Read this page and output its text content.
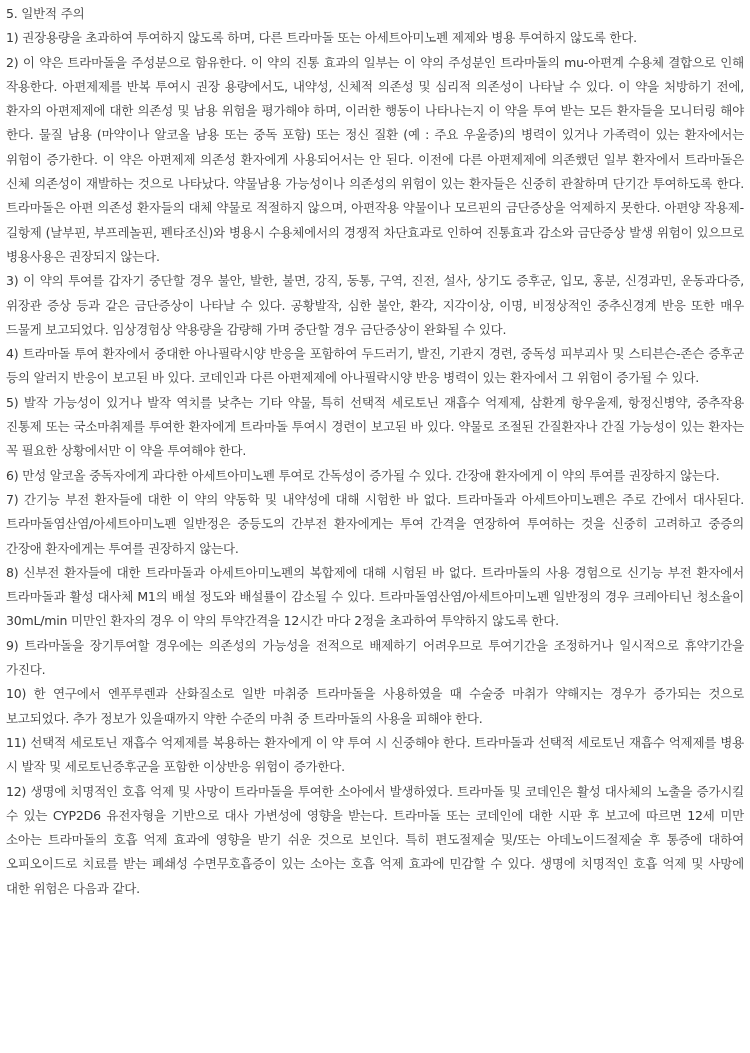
5. 일반적 주의

1) 권장용량을 초과하여 투여하지 않도록 하며, 다른 트라마돌 또는 아세트아미노펜 제제와 병용 투여하지 않도록 한다.

2) 이 약은 트라마돌을 주성분으로 함유한다. 이 약의 진통 효과의 일부는 이 약의 주성분인 트라마돌의 mu-아편계 수용체 결합으로 인해 작용한다. 아편제제를 반복 투여시 권장 용량에서도, 내약성, 신체적 의존성 및 심리적 의존성이 나타날 수 있다. 이 약을 처방하기 전에, 환자의 아편제제에 대한 의존성 및 남용 위험을 평가해야 하며, 이러한 행동이 나타나는지 이 약을 투여 받는 모든 환자들을 모니터링 해야 한다. 물질 남용 (마약이나 알코올 남용 또는 중독 포함) 또는 정신 질환 (예 : 주요 우울증)의 병력이 있거나 가족력이 있는 환자에서는 위험이 증가한다. 이 약은 아편제제 의존성 환자에게 사용되어서는 안 된다. 이전에 다른 아편제제에 의존했던 일부 환자에서 트라마돌은 신체 의존성이 재발하는 것으로 나타났다. 약물남용 가능성이나 의존성의 위험이 있는 환자들은 신중히 관찰하며 단기간 투여하도록 한다. 트라마돌은 아편 의존성 환자들의 대체 약물로 적절하지 않으며, 아편작용 약물이나 모르핀의 금단증상을 억제하지 못한다. 아편양 작용제-길항제 (날부핀, 부프레놀핀, 펜타조신)와 병용시 수용체에서의 경쟁적 차단효과로 인하여 진통효과 감소와 금단증상 발생 위험이 있으므로 병용사용은 권장되지 않는다.

3) 이 약의 투여를 갑자기 중단할 경우 불안, 발한, 불면, 강직, 동통, 구역, 진전, 설사, 상기도 증후군, 입모, 홍분, 신경과민, 운동과다증, 위장관 증상 등과 같은 금단증상이 나타날 수 있다. 공황발작, 심한 불안, 환각, 지각이상, 이명, 비정상적인 중추신경계 반응 또한 매우 드물게 보고되었다. 임상경험상 약용량을 감량해 가며 중단할 경우 금단증상이 완화될 수 있다.

4) 트라마돌 투여 환자에서 중대한 아나필락시양 반응을 포함하여 두드러기, 발진, 기관지 경련, 중독성 피부괴사 및 스티븐슨-존슨 증후군 등의 알러지 반응이 보고된 바 있다. 코데인과 다른 아편제제에 아나필락시양 반응 병력이 있는 환자에서 그 위험이 증가될 수 있다.

5) 발작 가능성이 있거나 발작 역치를 낮추는 기타 약물, 특히 선택적 세로토닌 재흡수 억제제, 삼환계 항우울제, 항정신병약, 중추작용 진통제 또는 국소마취제를 투여한 환자에게 트라마돌 투여시 경련이 보고된 바 있다. 약물로 조절된 간질환자나 간질 가능성이 있는 환자는 꼭 필요한 상황에서만 이 약을 투여해야 한다.

6) 만성 알코올 중독자에게 과다한 아세트아미노펜 투여로 간독성이 증가될 수 있다. 간장애 환자에게 이 약의 투여를 권장하지 않는다.

7) 간기능 부전 환자들에 대한 이 약의 약동학 및 내약성에 대해 시험한 바 없다. 트라마돌과 아세트아미노펜은 주로 간에서 대사된다. 트라마돌염산염/아세트아미노펜 일반정은 중등도의 간부전 환자에게는 투여 간격을 연장하여 투여하는 것을 신중히 고려하고 중증의 간장애 환자에게는 투여를 권장하지 않는다.

8) 신부전 환자들에 대한 트라마돌과 아세트아미노펜의 복합제에 대해 시험된 바 없다. 트라마돌의 사용 경험으로 신기능 부전 환자에서 트라마돌과 활성 대사체 M1의 배설 정도와 배설률이 감소될 수 있다. 트라마돌염산염/아세트아미노펜 일반정의 경우 크레아티닌 청소율이 30mL/min 미만인 환자의 경우 이 약의 투약간격을 12시간 마다 2정을 초과하여 투약하지 않도록 한다.

9) 트라마돌을 장기투여할 경우에는 의존성의 가능성을 전적으로 배제하기 어려우므로 투여기간을 조정하거나 일시적으로 휴약기간을 가진다.

10) 한 연구에서 엔푸루렌과 산화질소로 일반 마취중 트라마돌을 사용하였을 때 수술중 마취가 약해지는 경우가 증가되는 것으로 보고되었다. 추가 정보가 있을때까지 약한 수준의 마취 중 트라마돌의 사용을 피해야 한다.

11) 선택적 세로토닌 재흡수 억제제를 복용하는 환자에게 이 약 투여 시 신중해야 한다. 트라마돌과 선택적 세로토닌 재흡수 억제제를 병용 시 발작 및 세로토닌증후군을 포함한 이상반응 위험이 증가한다.

12) 생명에 치명적인 호흡 억제 및 사망이 트라마돌을 투여한 소아에서 발생하였다. 트라마돌 및 코데인은 활성 대사체의 노출을 증가시킬 수 있는 CYP2D6 유전자형을 기반으로 대사 가변성에 영향을 받는다. 트라마돌 또는 코데인에 대한 시판 후 보고에 따르면 12세 미만 소아는 트라마돌의 호흡 억제 효과에 영향을 받기 쉬운 것으로 보인다. 특히 편도절제술 및/또는 아데노이드절제술 후 통증에 대하여 오피오이드로 치료를 받는 폐쇄성 수면무호흡증이 있는 소아는 호흡 억제 효과에 민감할 수 있다. 생명에 치명적인 호흡 억제 및 사망에 대한 위험은 다음과 같다.
